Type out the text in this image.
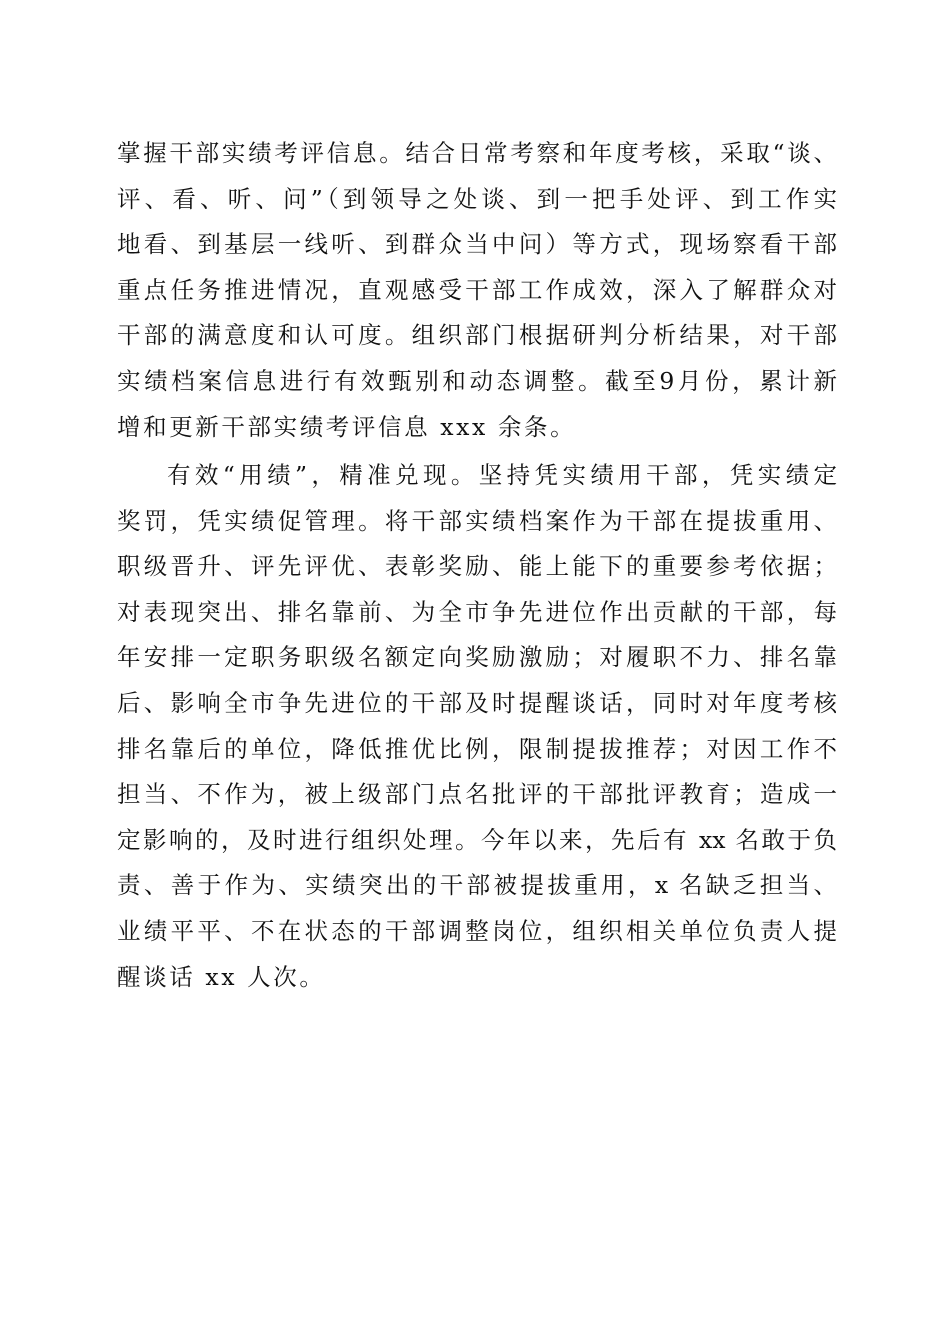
掌握干部实绩考评信息。结合日常考察和年度考核，采取“谈、
评、看、听、问”（到领导之处谈、到一把手处评、到工作实
地看、到基层一线听、到群众当中问）等方式，现场察看干部
重点任务推进情况，直观感受干部工作成效，深入了解群众对
干部的满意度和认可度。组织部门根据研判分析结果，对干部
实绩档案信息进行有效甄别和动态调整。截至9月份，累计新
增和更新干部实绩考评信息 xxx 余条。
有效“用绩”，精准兑现。坚持凭实绩用干部，凭实绩定
奖罚，凭实绩促管理。将干部实绩档案作为干部在提拔重用、
职级晋升、评先评优、表彰奖励、能上能下的重要参考依据；
对表现突出、排名靠前、为全市争先进位作出贡献的干部，每
年安排一定职务职级名额定向奖励激励；对履职不力、排名靠
后、影响全市争先进位的干部及时提醒谈话，同时对年度考核
排名靠后的单位，降低推优比例，限制提拔推荐；对因工作不
担当、不作为，被上级部门点名批评的干部批评教育；造成一
定影响的，及时进行组织处理。今年以来，先后有 xx 名敢于负
责、善于作为、实绩突出的干部被提拔重用，x 名缺乏担当、
业绩平平、不在状态的干部调整岗位，组织相关单位负责人提
醒谈话 xx 人次。
